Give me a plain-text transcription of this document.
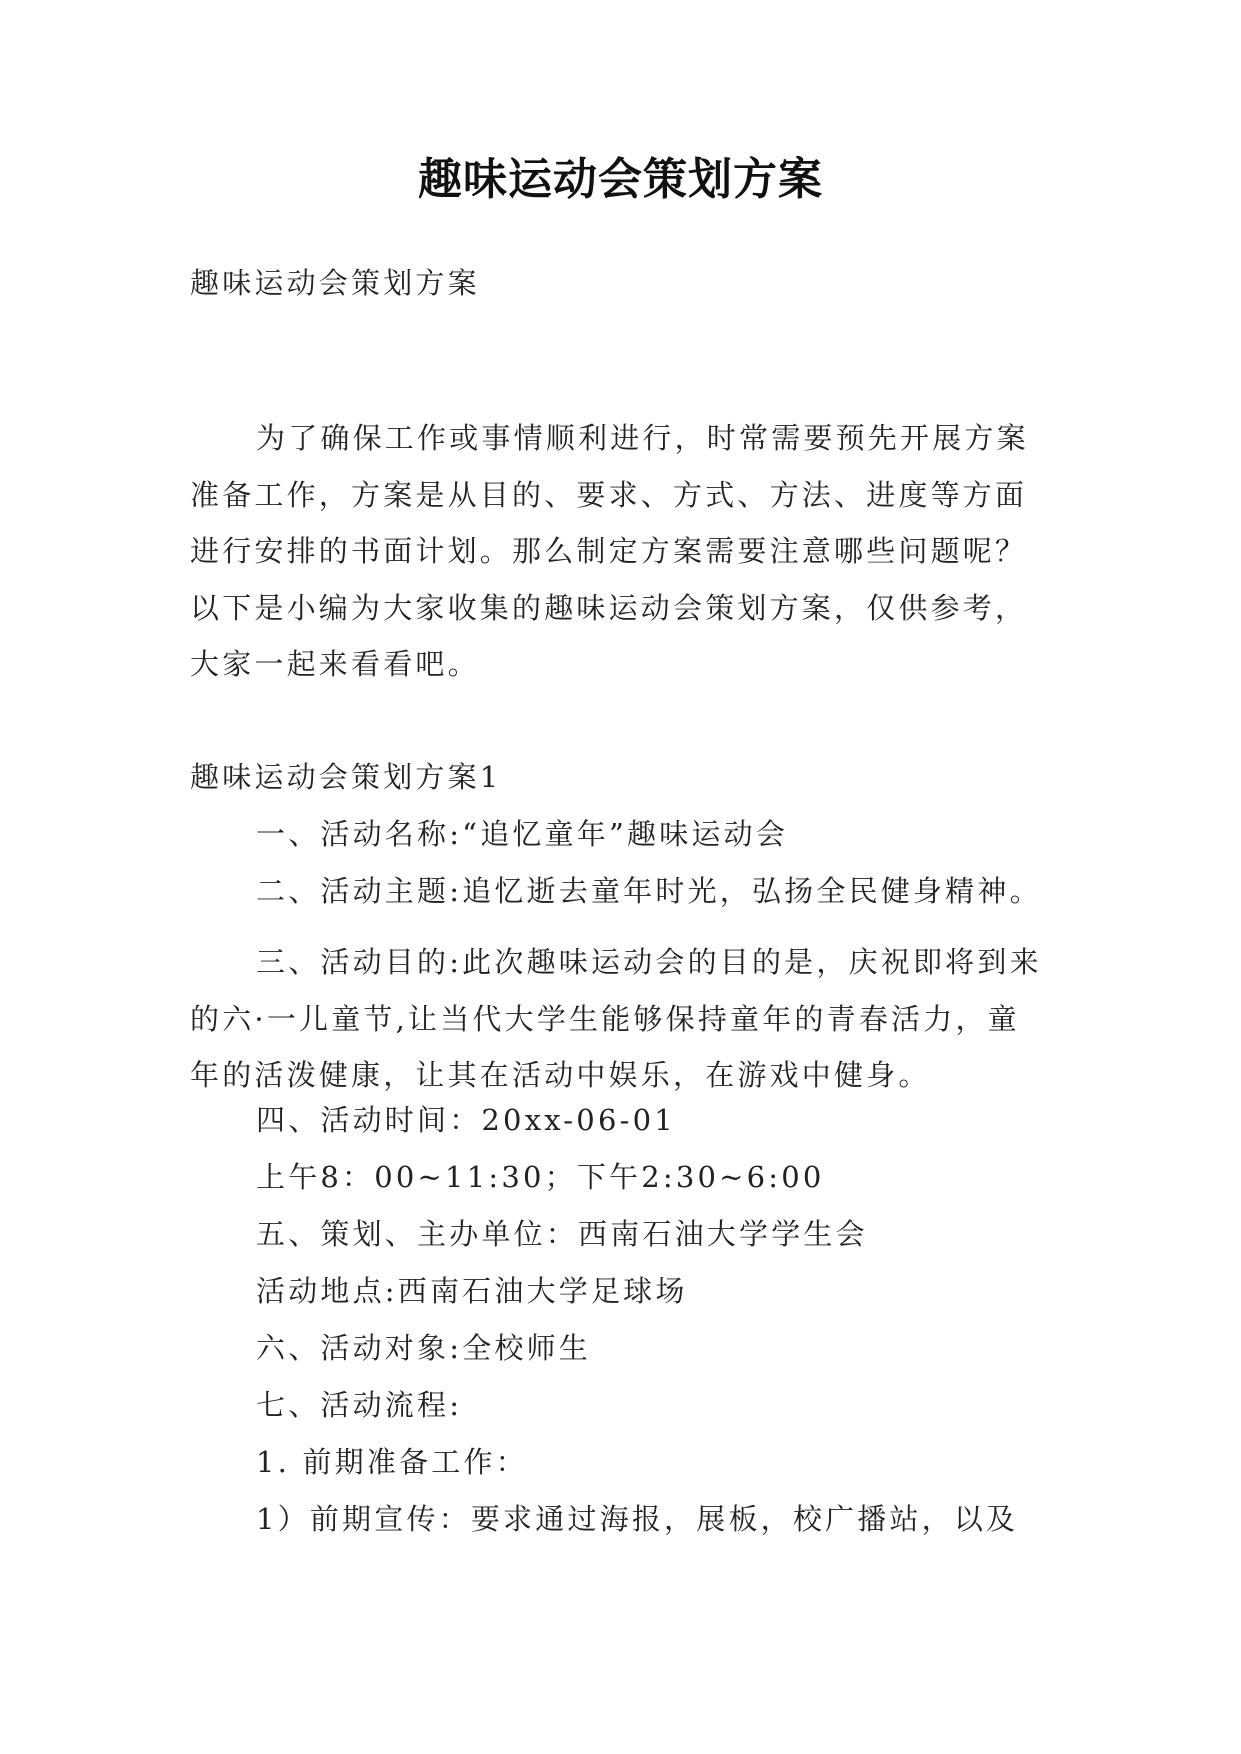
趣味运动会策划方案
趣味运动会策划方案

为了确保工作或事情顺利进行，时常需要预先开展方案准备工作，方案是从目的、要求、方式、方法、进度等方面进行安排的书面计划。那么制定方案需要注意哪些问题呢？以下是小编为大家收集的趣味运动会策划方案，仅供参考，大家一起来看看吧。

趣味运动会策划方案1
一、活动名称:“追忆童年”趣味运动会
二、活动主题:追忆逝去童年时光，弘扬全民健身精神。

三、活动目的:此次趣味运动会的目的是，庆祝即将到来的六·一儿童节,让当代大学生能够保持童年的青春活力，童年的活泼健康，让其在活动中娱乐，在游戏中健身。

四、活动时间：20xx-06-01
上午8：00~11:30；下午2:30~6:00
五、策划、主办单位：西南石油大学学生会
活动地点:西南石油大学足球场
六、活动对象:全校师生
七、活动流程:
1. 前期准备工作：
1）前期宣传：要求通过海报，展板，校广播站，以及
